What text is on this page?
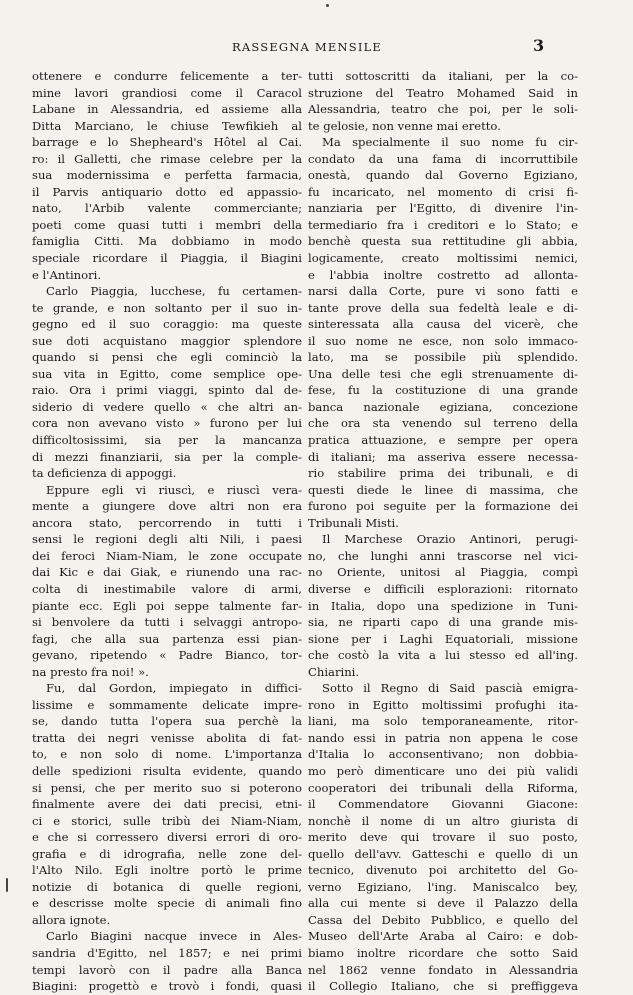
RASSEGNA MENSILE	3

ottenere e condurre felicemente a ter-
mine lavori grandiosi come il Caracol
Labane in Alessandria, ed assieme alla
Ditta Marciano, le chiuse Tewfikieh al
barrage e lo Shepheard's Hôtel al Cai.
ro: il Galletti, che rimase celebre per la
sua modernissima e perfetta farmacia,
il Parvis antiquario dotto ed appassio-
nato, l'Arbib valente commerciante;
poeti come quasi tutti i membri della
famiglia Citti. Ma dobbiamo in modo
speciale ricordare il Piaggia, il Biagini
e l'Antinori.

Carlo Piaggia, lucchese, fu certamen-
te grande, e non soltanto per il suo in-
gegno ed il suo coraggio: ma queste
sue doti acquistano maggior splendore
quando si pensi che egli cominciò la
sua vita in Egitto, come semplice ope-
raio. Ora i primi viaggi, spinto dal de-
siderio di vedere quello « che altri an-
cora non avevano visto » furono per lui
difficoltosissimi, sia per la mancanza
di mezzi finanziarii, sia per la comple-
ta deficienza di appoggi.

Eppure egli vi riuscì, e riuscì vera-
mente a giungere dove altri non era
ancora stato, percorrendo in tutti i
sensi le regioni degli alti Nili, i paesi
dei feroci Niam-Niam, le zone occupate
dai Kic e dai Giak, e riunendo una rac-
colta di inestimabile valore di armi,
piante ecc. Egli poi seppe talmente far-
si benvolere da tutti i selvaggi antropo-
fagi, che alla sua partenza essi pian-
gevano, ripetendo « Padre Bianco, tor-
na presto fra noi! ».

Fu, dal Gordon, impiegato in diffici-
lissime e sommamente delicate impre-
se, dando tutta l'opera sua perchè la
tratta dei negri venisse abolita di fat-
to, e non solo di nome. L'importanza
delle spedizioni risulta evidente, quando
si pensi, che per merito suo si poterono
finalmente avere dei dati precisi, etni-
ci e storici, sulle tribù dei Niam-Niam,
e che si corressero diversi errori di oro-
grafia e di idrografia, nelle zone del-
l'Alto Nilo. Egli inoltre portò le prime
notizie di botanica di quelle regioni,
e descrisse molte specie di animali fino
allora ignote.

Carlo Biagini nacque invece in Ales-
sandria d'Egitto, nel 1857; e nei primi
tempi lavorò con il padre alla Banca
Biagini: progettò e trovò i fondi, quasi

tutti sottoscritti da italiani, per la co-
struzione del Teatro Mohamed Said in
Alessandria, teatro che poi, per le soli-
te gelosie, non venne mai eretto.

Ma specialmente il suo nome fu cir-
condato da una fama di incorruttibile
onestà, quando dal Governo Egiziano,
fu incaricato, nel momento di crisi fi-
nanziaria per l'Egitto, di divenire l'in-
termediario fra i creditori e lo Stato; e
benchè questa sua rettitudine gli abbia,
logicamente, creato moltissimi nemici,
e l'abbia inoltre costretto ad allonta-
narsi dalla Corte, pure vi sono fatti e
tante prove della sua fedeltà leale e di-
sinteressata alla causa del vicerè, che
il suo nome ne esce, non solo immaco-
lato, ma se possibile più splendido.
Una delle tesi che egli strenuamente di-
fese, fu la costituzione di una grande
banca nazionale egiziana, concezione
che ora sta venendo sul terreno della
pratica attuazione, e sempre per opera
di italiani; ma asseriva essere necessa-
rio stabilire prima dei tribunali, e di
questi diede le linee di massima, che
furono poi seguite per la formazione dei
Tribunali Misti.

Il Marchese Orazio Antinori, perugi-
no, che lunghi anni trascorse nel vici-
no Oriente, unitosi al Piaggia, compì
diverse e difficili esplorazioni: ritornato
in Italia, dopo una spedizione in Tuni-
sia, ne riparti capo di una grande mis-
sione per i Laghi Equatoriali, missione
che costò la vita a lui stesso ed all'ing.
Chiarini.

Sotto il Regno di Said pascià emigra-
rono in Egitto moltissimi profughi ita-
liani, ma solo temporaneamente, ritor-
nando essi in patria non appena le cose
d'Italia lo acconsentivano; non dobbia-
mo però dimenticare uno dei più validi
cooperatori dei tribunali della Riforma,
il Commendatore Giovanni Giacone:
nonchè il nome di un altro giurista di
merito deve qui trovare il suo posto,
quello dell'avv. Gatteschi e quello di un
tecnico, divenuto poi architetto del Go-
verno Egiziano, l'ing. Maniscalco bey,
alla cui mente si deve il Palazzo della
Cassa del Debito Pubblico, e quello del
Museo dell'Arte Araba al Cairo: e dob-
biamo inoltre ricordare che sotto Said
nel 1862 venne fondato in Alessandria
il Collegio Italiano, che si preffiggeva
